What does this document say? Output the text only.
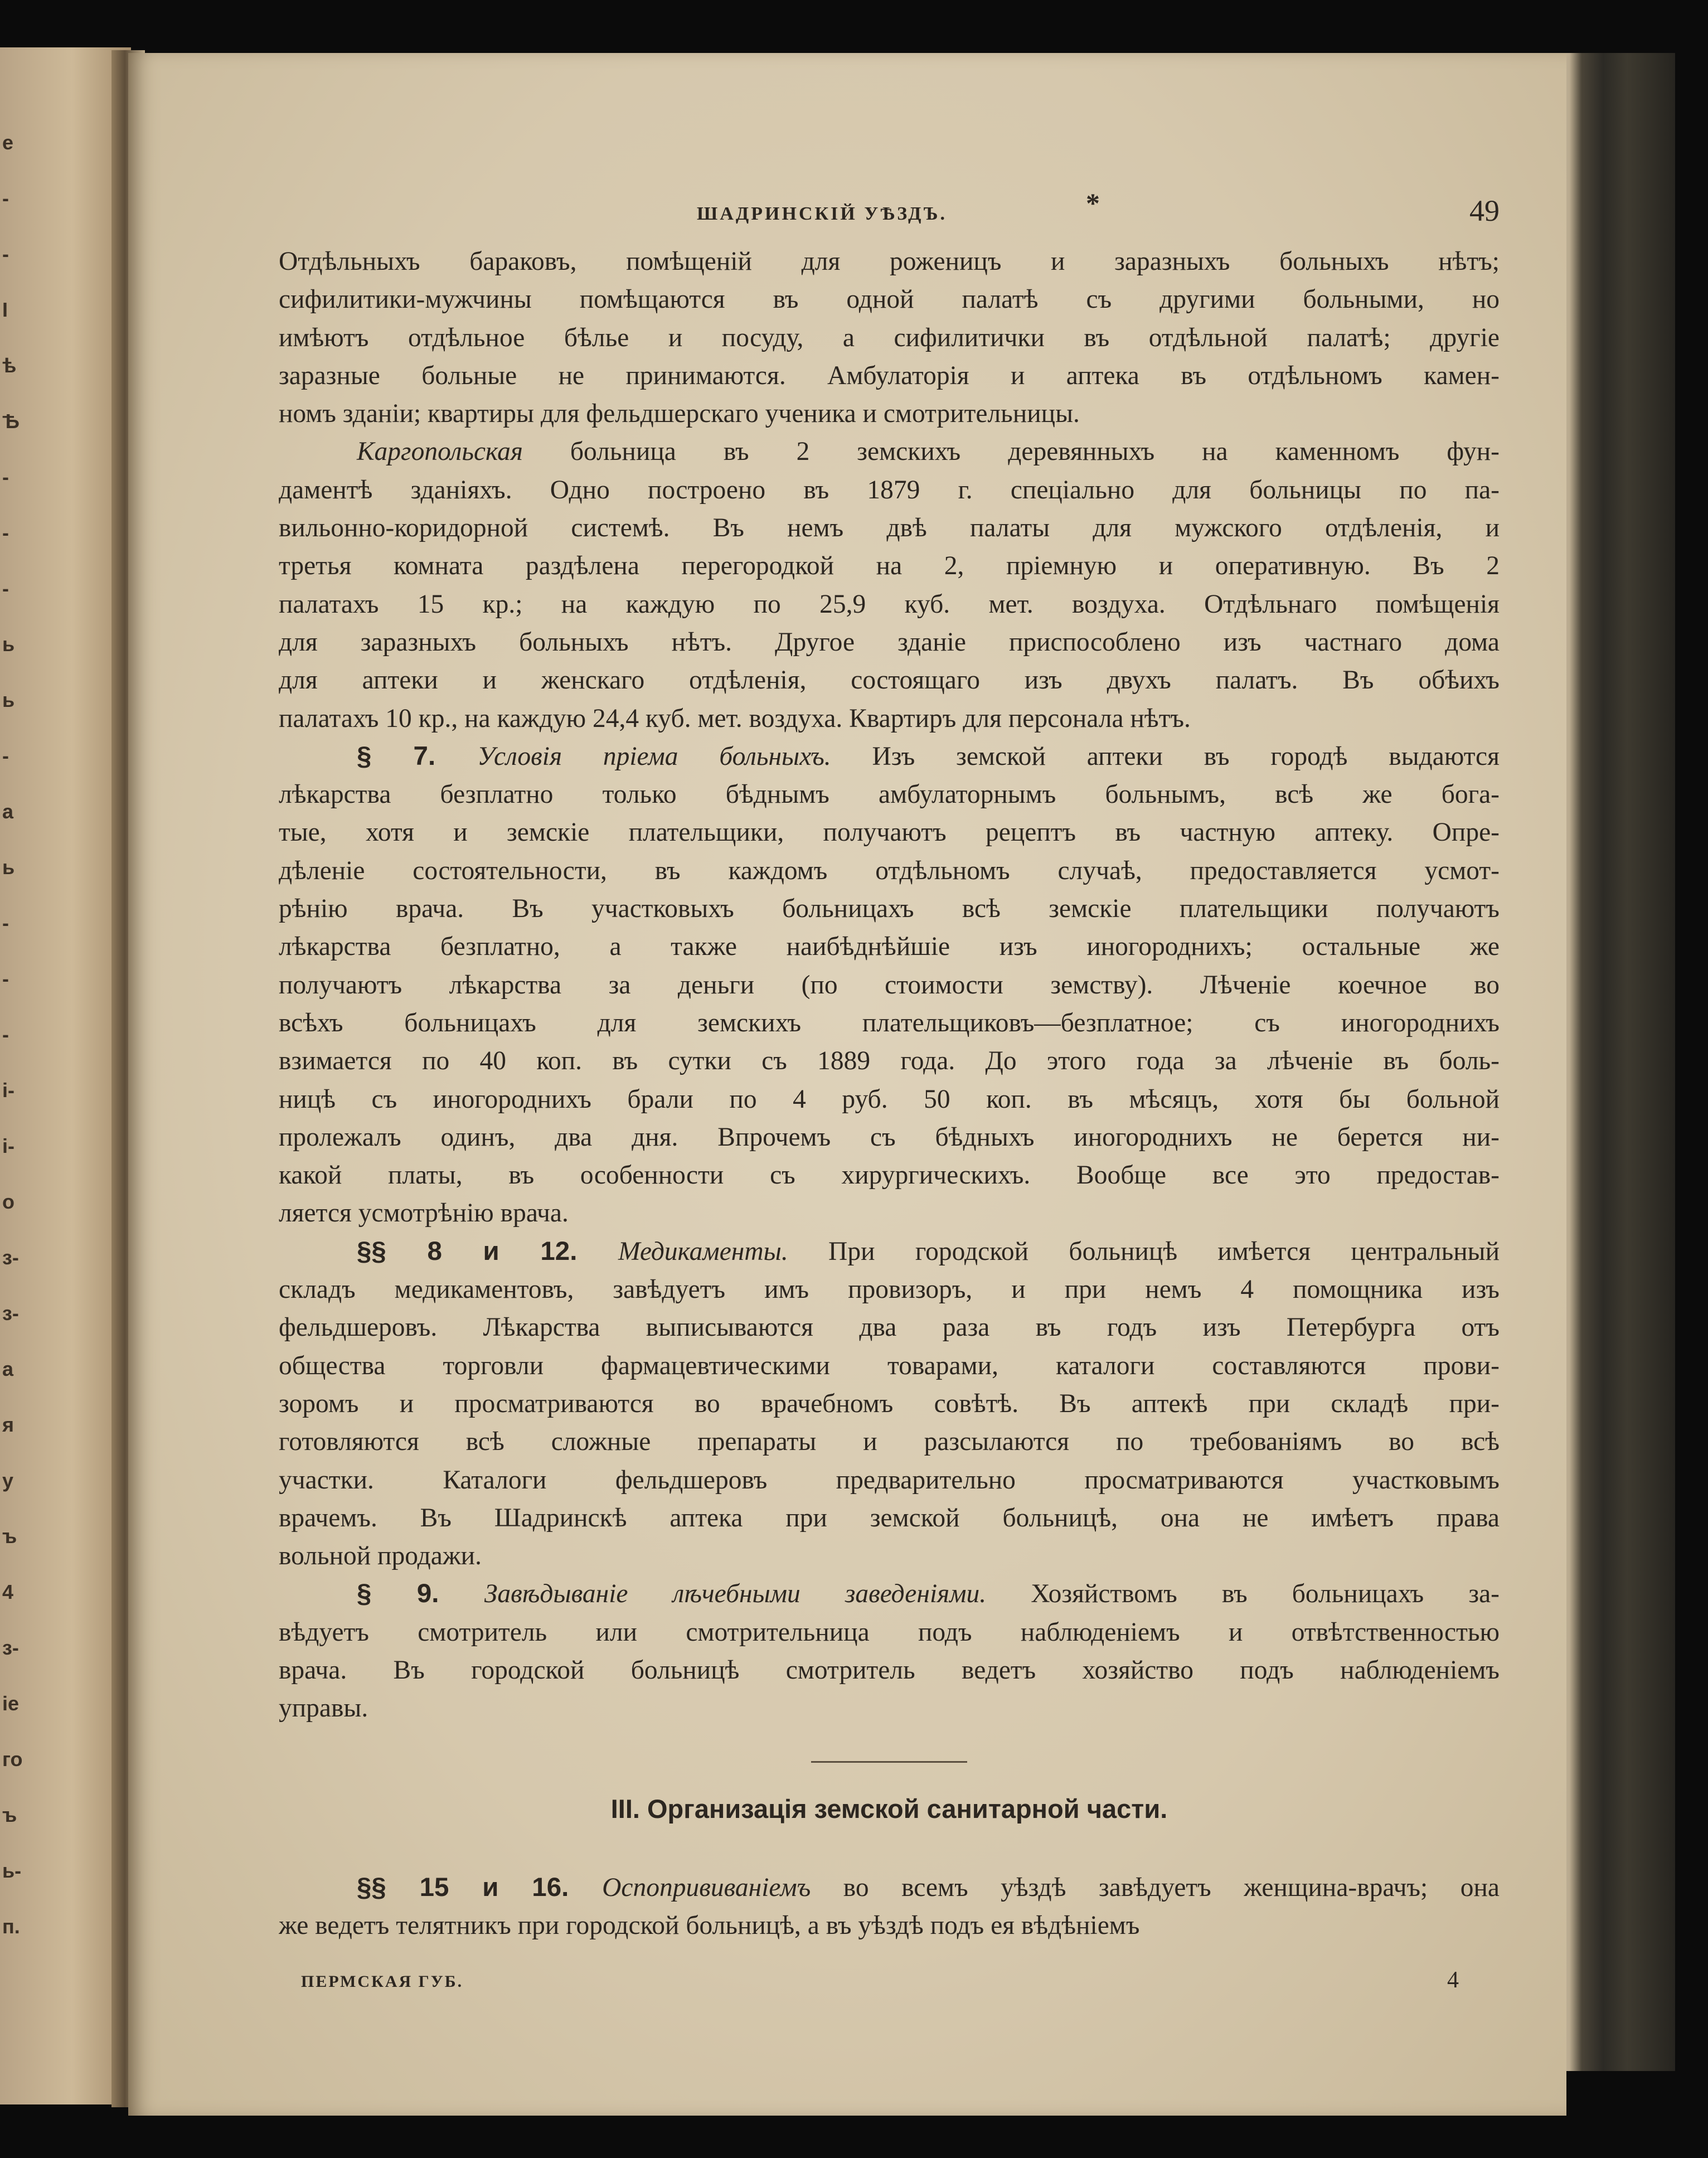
е
-
-
І
ѣ
Ѣ
-
-
-
ь
ь
-
а
ь
-
-
-
і-
і-
о
з-
з-
а
я
у
ъ
4
з-
іе
го
ъ
ь-
п.
ШАДРИНСКІЙ УѢЗДЪ.	*	49

Отдѣльныхъ бараковъ, помѣщеній для роженицъ и заразныхъ больныхъ нѣтъ;
сифилитики-мужчины помѣщаются въ одной палатѣ съ другими больными, но
имѣютъ отдѣльное бѣлье и посуду, а сифилитички въ отдѣльной палатѣ; другіе
заразные больные не принимаются. Амбулаторія и аптека въ отдѣльномъ камен-
номъ зданіи; квартиры для фельдшерскаго ученика и смотрительницы.

Каргопольская больница въ 2 земскихъ деревянныхъ на каменномъ фун-
даментѣ зданіяхъ. Одно построено въ 1879 г. спеціально для больницы по па-
вильонно-коридорной системѣ. Въ немъ двѣ палаты для мужского отдѣленія, и
третья комната раздѣлена перегородкой на 2, пріемную и оперативную. Въ 2
палатахъ 15 кр.; на каждую по 25,9 куб. мет. воздуха. Отдѣльнаго помѣщенія
для заразныхъ больныхъ нѣтъ. Другое зданіе приспособлено изъ частнаго дома
для аптеки и женскаго отдѣленія, состоящаго изъ двухъ палатъ. Въ обѣихъ
палатахъ 10 кр., на каждую 24,4 куб. мет. воздуха. Квартиръ для персонала нѣтъ.

§ 7. Условія пріема больныхъ. Изъ земской аптеки въ городѣ выдаются
лѣкарства безплатно только бѣднымъ амбулаторнымъ больнымъ, всѣ же бога-
тые, хотя и земскіе плательщики, получаютъ рецептъ въ частную аптеку. Опре-
дѣленіе состоятельности, въ каждомъ отдѣльномъ случаѣ, предоставляется усмот-
рѣнію врача. Въ участковыхъ больницахъ всѣ земскіе плательщики получаютъ
лѣкарства безплатно, а также наибѣднѣйшіе изъ иногороднихъ; остальные же
получаютъ лѣкарства за деньги (по стоимости земству). Лѣченіе коечное во
всѣхъ больницахъ для земскихъ плательщиковъ—безплатное; съ иногороднихъ
взимается по 40 коп. въ сутки съ 1889 года. До этого года за лѣченіе въ боль-
ницѣ съ иногороднихъ брали по 4 руб. 50 коп. въ мѣсяцъ, хотя бы больной
пролежалъ одинъ, два дня. Впрочемъ съ бѣдныхъ иногороднихъ не берется ни-
какой платы, въ особенности съ хирургическихъ. Вообще все это предостав-
ляется усмотрѣнію врача.

§§ 8 и 12. Медикаменты. При городской больницѣ имѣется центральный
складъ медикаментовъ, завѣдуетъ имъ провизоръ, и при немъ 4 помощника изъ
фельдшеровъ. Лѣкарства выписываются два раза въ годъ изъ Петербурга отъ
общества торговли фармацевтическими товарами, каталоги составляются прови-
зоромъ и просматриваются во врачебномъ совѣтѣ. Въ аптекѣ при складѣ при-
готовляются всѣ сложные препараты и разсылаются по требованіямъ во всѣ
участки. Каталоги фельдшеровъ предварительно просматриваются участковымъ
врачемъ. Въ Шадринскѣ аптека при земской больницѣ, она не имѣетъ права
вольной продажи.

§ 9. Завѣдываніе лѣчебными заведеніями. Хозяйствомъ въ больницахъ за-
вѣдуетъ смотритель или смотрительница подъ наблюденіемъ и отвѣтственностью
врача. Въ городской больницѣ смотритель ведетъ хозяйство подъ наблюденіемъ
управы.

III. Организація земской санитарной части.

§§ 15 и 16. Оспопрививаніемъ во всемъ уѣздѣ завѣдуетъ женщина-врачъ; она
же ведетъ телятникъ при городской больницѣ, а въ уѣздѣ подъ ея вѣдѣніемъ

ПЕРМСКАЯ ГУБ.	4
